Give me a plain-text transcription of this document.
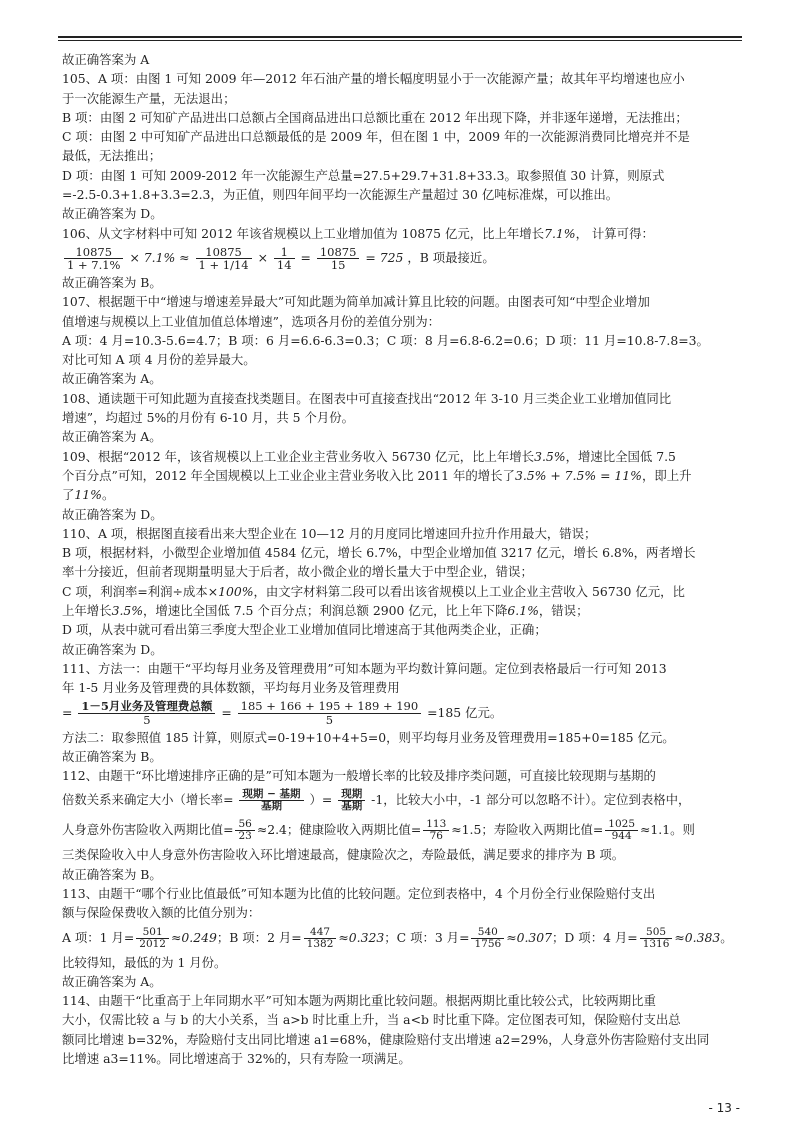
故正确答案为 A

105、A 项：由图 1 可知 2009 年—2012 年石油产量的增长幅度明显小于一次能源产量；故其年平均增速也应小

于一次能源生产量，无法退出；

B 项：由图 2 可知矿产品进出口总额占全国商品进出口总额比重在 2012 年出现下降，并非逐年递增，无法推出；

C 项：由图 2 中可知矿产品进出口总额最低的是 2009 年，但在图 1 中，2009 年的一次能源消费同比增亮并不是

最低，无法推出；

D 项：由图 1 可知 2009-2012 年一次能源生产总量=27.5+29.7+31.8+33.3。取参照值 30 计算，则原式

=-2.5-0.3+1.8+3.3=2.3，为正值，则四年间平均一次能源生产量超过 30 亿吨标准煤，可以推出。

故正确答案为 D。

106、从文字材料中可知 2012 年该省规模以上工业增加值为 10875 亿元，比上年增长7.1%， 计算可得：

$\frac{10875}{1 + 7.1\%} \times 7.1\% \approx \frac{10875}{1 + 1/14} \times \frac{1}{14} = \frac{10875}{15} = 725$ ，B 项最接近。

故正确答案为 B。

107、根据题干中“增速与增速差异最大”可知此题为简单加减计算且比较的问题。由图表可知“中型企业增加

值增速与规模以上工业值加值总体增速”，选项各月份的差值分别为：

A 项：4 月=10.3-5.6=4.7；B 项：6 月=6.6-6.3=0.3；C 项：8 月=6.8-6.2=0.6；D 项：11 月=10.8-7.8=3。

对比可知 A 项 4 月份的差异最大。

故正确答案为 A。

108、通读题干可知此题为直接查找类题目。在图表中可直接查找出“2012 年 3-10 月三类企业工业增加值同比

增速”，均超过 5%的月份有 6-10 月，共 5 个月份。

故正确答案为 A。

109、根据“2012 年，该省规模以上工业企业主营业务收入 56730 亿元，比上年增长3.5%，增速比全国低 7.5

个百分点”可知，2012 年全国规模以上工业企业主营业务收入比 2011 年的增长了3.5% + 7.5% = 11%，即上升

了11%。

故正确答案为 D。

110、A 项，根据图直接看出来大型企业在 10—12 月的月度同比增速回升拉升作用最大，错误；

B 项，根据材料，小微型企业增加值 4584 亿元，增长 6.7%，中型企业增加值 3217 亿元，增长 6.8%，两者增长

率十分接近，但前者现期量明显大于后者，故小微企业的增长量大于中型企业，错误；

C 项，利润率=利润÷成本×100%，由文字材料第二段可以看出该省规模以上工业企业主营收入 56730 亿元，比

上年增长3.5%，增速比全国低 7.5 个百分点；利润总额 2900 亿元，比上年下降6.1%，错误；

D 项，从表中就可看出第三季度大型企业工业增加值同比增速高于其他两类企业，正确；

故正确答案为 D。

111、方法一：由题干“平均每月业务及管理费用”可知本题为平均数计算问题。定位到表格最后一行可知 2013

年 1-5 月业务及管理费的具体数额，平均每月业务及管理费用

= $\frac{\text{1－5月业务及管理费总额}}{5} = \frac{185 + 166 + 195 + 189 + 190}{5} =185$ 亿元。

方法二：取参照值 185 计算，则原式=0-19+10+4+5=0，则平均每月业务及管理费用=185+0=185 亿元。

故正确答案为 B。

112、由题干“环比增速排序正确的是”可知本题为一般增长率的比较及排序类问题，可直接比较现期与基期的

倍数关系来确定大小（增长率= $\frac{\text{现期 − 基期}}{\text{基期}}$ ）= $\frac{\text{现期}}{\text{基期}} -1$，比较大小中，-1 部分可以忽略不计）。定位到表格中，

人身意外伤害险收入两期比值= $\frac{56}{23} \approx 2.4$；健康险收入两期比值= $\frac{113}{76} \approx 1.5$；寿险收入两期比值= $\frac{1025}{944} \approx 1.1$。则

三类保险收入中人身意外伤害险收入环比增速最高，健康险次之，寿险最低，满足要求的排序为 B 项。

故正确答案为 B。

113、由题干“哪个行业比值最低”可知本题为比值的比较问题。定位到表格中，4 个月份全行业保险赔付支出

额与保险保费收入额的比值分别为：

A 项：1 月= $\frac{501}{2012} \approx 0.249$；B 项：2 月= $\frac{447}{1382} \approx 0.323$；C 项：3 月= $\frac{540}{1756} \approx 0.307$；D 项：4 月= $\frac{505}{1316} \approx 0.383$。

比较得知，最低的为 1 月份。

故正确答案为 A。

114、由题干“比重高于上年同期水平”可知本题为两期比重比较问题。根据两期比重比较公式，比较两期比重

大小，仅需比较 a 与 b 的大小关系，当 a>b 时比重上升，当 a<b 时比重下降。定位图表可知，保险赔付支出总

额同比增速 b=32%，寿险赔付支出同比增速 a1=68%，健康险赔付支出增速 a2=29%，人身意外伤害险赔付支出同

比增速 a3=11%。同比增速高于 32%的，只有寿险一项满足。

- 13 -
